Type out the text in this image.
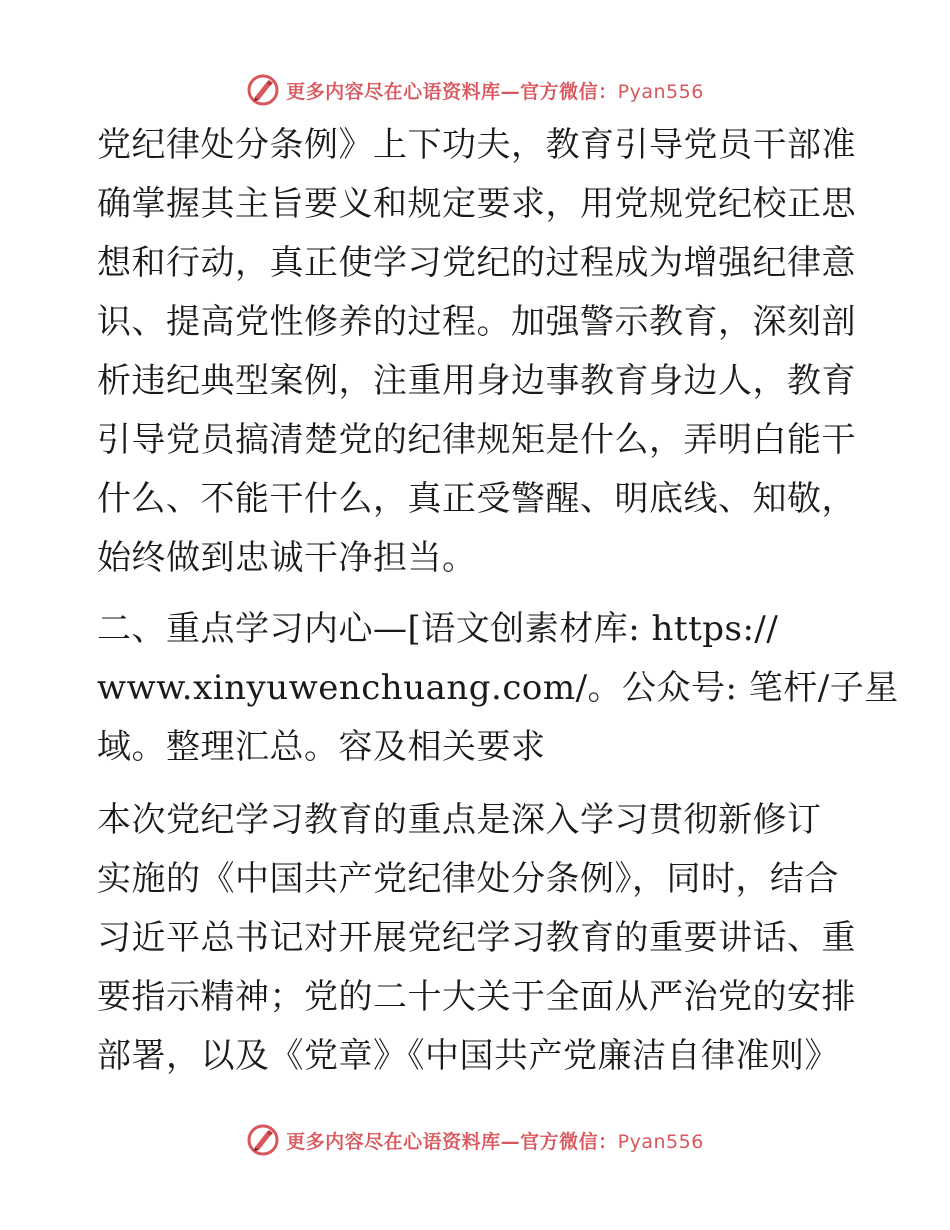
更多内容尽在心语资料库—官方微信：Pyan556

党纪律处分条例》上下功夫，教育引导党员干部准
确掌握其主旨要义和规定要求，用党规党纪校正思
想和行动，真正使学习党纪的过程成为增强纪律意
识、提高党性修养的过程。加强警示教育，深刻剖
析违纪典型案例，注重用身边事教育身边人，教育
引导党员搞清楚党的纪律规矩是什么，弄明白能干
什么、不能干什么，真正受警醒、明底线、知敬，
始终做到忠诚干净担当。

二、重点学习内心—[语文创素材库: https://
www.xinyuwenchuang.com/。公众号: 笔杆/子星
域。整理汇总。容及相关要求

本次党纪学习教育的重点是深入学习贯彻新修订
实施的《中国共产党纪律处分条例》，同时，结合
习近平总书记对开展党纪学习教育的重要讲话、重
要指示精神；党的二十大关于全面从严治党的安排
部署，以及《党章》《中国共产党廉洁自律准则》

更多内容尽在心语资料库—官方微信：Pyan556
